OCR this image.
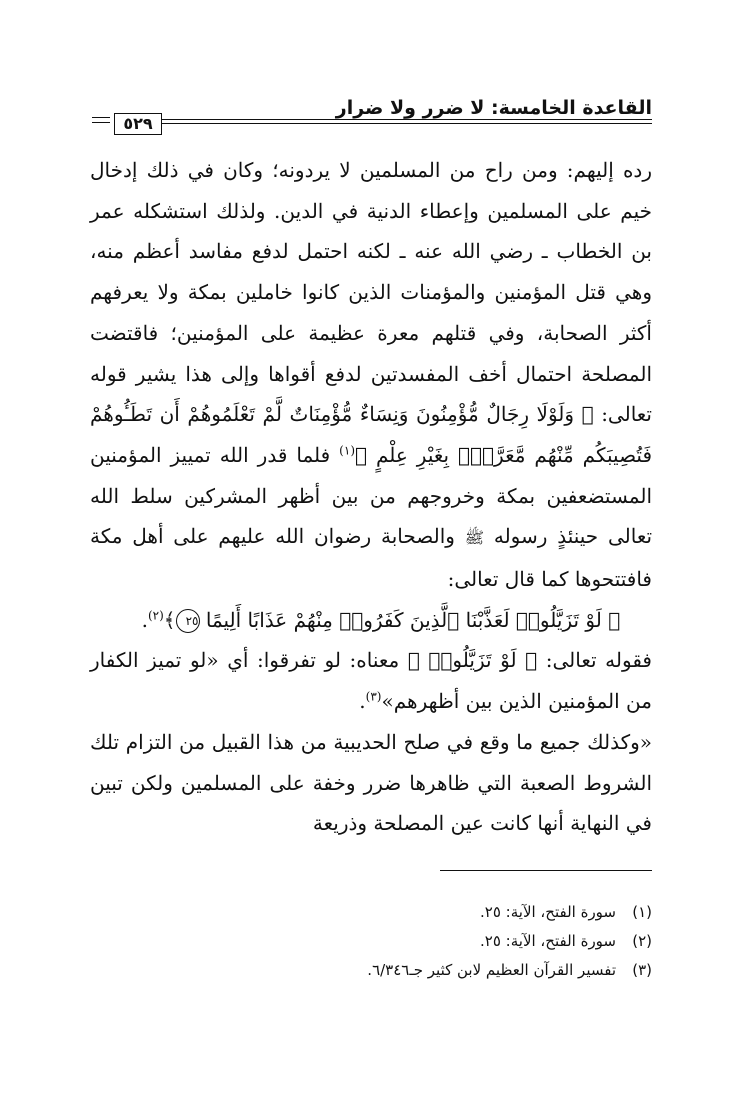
القاعدة الخامسة: لا ضرر ولا ضرار
٥٢٩

رده إليهم: ومن راح من المسلمين لا يردونه؛ وكان في ذلك إدخال خيم على المسلمين وإعطاء الدنية في الدين. ولذلك استشكله عمر بن الخطاب ـ رضي الله عنه ـ لكنه احتمل لدفع مفاسد أعظم منه، وهي قتل المؤمنين والمؤمنات الذين كانوا خاملين بمكة ولا يعرفهم أكثر الصحابة، وفي قتلهم معرة عظيمة على المؤمنين؛ فاقتضت المصلحة احتمال أخف المفسدتين لدفع أقواها وإلى هذا يشير قوله تعالى: ﴿ وَلَوْلَا رِجَالٌ مُّؤْمِنُونَ وَنِسَاءٌ مُّؤْمِنَاتٌ لَّمْ تَعْلَمُوهُمْ أَن تَطَـُٔوهُمْ فَتُصِيبَكُم مِّنْهُم مَّعَرَّةٌۢ بِغَيْرِ عِلْمٍ ﴾$^{(١)}$ فلما قدر الله تمييز المؤمنين المستضعفين بمكة وخروجهم من بين أظهر المشركين سلط الله تعالى حينئذٍ رسوله ﷺ والصحابة رضوان الله عليهم على أهل مكة فافتتحوها كما قال تعالى:

﴿ لَوْ تَزَيَّلُوا۟ لَعَذَّبْنَا ٱلَّذِينَ كَفَرُوا۟ مِنْهُمْ عَذَابًا أَلِيمًا ٢٥﴾$^{(٢)}$.

فقوله تعالى: ﴿ لَوْ تَزَيَّلُوا۟ ﴾ معناه: لو تفرقوا: أي «لو تميز الكفار من المؤمنين الذين بين أظهرهم»$^{(٣)}$.

«وكذلك جميع ما وقع في صلح الحديبية من هذا القبيل من التزام تلك الشروط الصعبة التي ظاهرها ضرر وخفة على المسلمين ولكن تبين في النهاية أنها كانت عين المصلحة وذريعة

(١)سورة الفتح، الآية: ٢٥.
(٢)سورة الفتح، الآية: ٢٥.
(٣)تفسير القرآن العظيم لابن كثير جـ٦/٣٤٦.
